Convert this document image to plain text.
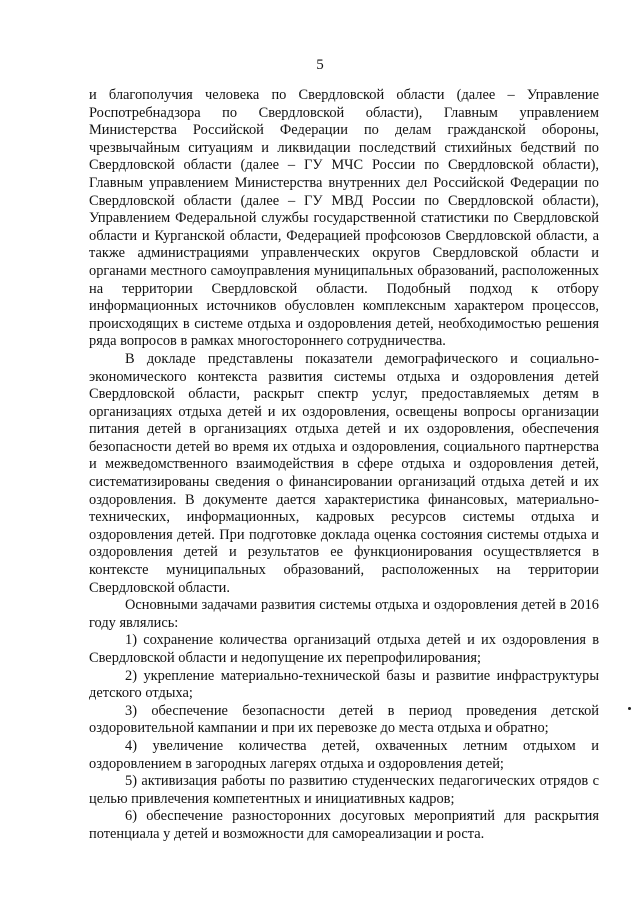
5

и благополучия человека по Свердловской области (далее – Управление Роспотребнадзора по Свердловской области), Главным управлением Министерства Российской Федерации по делам гражданской обороны, чрезвычайным ситуациям и ликвидации последствий стихийных бедствий по Свердловской области (далее – ГУ МЧС России по Свердловской области), Главным управлением Министерства внутренних дел Российской Федерации по Свердловской области (далее – ГУ МВД России по Свердловской области), Управлением Федеральной службы государственной статистики по Свердловской области и Курганской области, Федерацией профсоюзов Свердловской области, а также администрациями управленческих округов Свердловской области и органами местного самоуправления муниципальных образований, расположенных на территории Свердловской области. Подобный подход к отбору информационных источников обусловлен комплексным характером процессов, происходящих в системе отдыха и оздоровления детей, необходимостью решения ряда вопросов в рамках многостороннего сотрудничества.

В докладе представлены показатели демографического и социально-экономического контекста развития системы отдыха и оздоровления детей Свердловской области, раскрыт спектр услуг, предоставляемых детям в организациях отдыха детей и их оздоровления, освещены вопросы организации питания детей в организациях отдыха детей и их оздоровления, обеспечения безопасности детей во время их отдыха и оздоровления, социального партнерства и межведомственного взаимодействия в сфере отдыха и оздоровления детей, систематизированы сведения о финансировании организаций отдыха детей и их оздоровления. В документе дается характеристика финансовых, материально-технических, информационных, кадровых ресурсов системы отдыха и оздоровления детей. При подготовке доклада оценка состояния системы отдыха и оздоровления детей и результатов ее функционирования осуществляется в контексте муниципальных образований, расположенных на территории Свердловской области.

Основными задачами развития системы отдыха и оздоровления детей в 2016 году являлись:

1) сохранение количества организаций отдыха детей и их оздоровления в Свердловской области и недопущение их перепрофилирования;

2) укрепление материально-технической базы и развитие инфраструктуры детского отдыха;

3) обеспечение безопасности детей в период проведения детской оздоровительной кампании и при их перевозке до места отдыха и обратно;

4) увеличение количества детей, охваченных летним отдыхом и оздоровлением в загородных лагерях отдыха и оздоровления детей;

5) активизация работы по развитию студенческих педагогических отрядов с целью привлечения компетентных и инициативных кадров;

6) обеспечение разносторонних досуговых мероприятий для раскрытия потенциала у детей и возможности для самореализации и роста.
